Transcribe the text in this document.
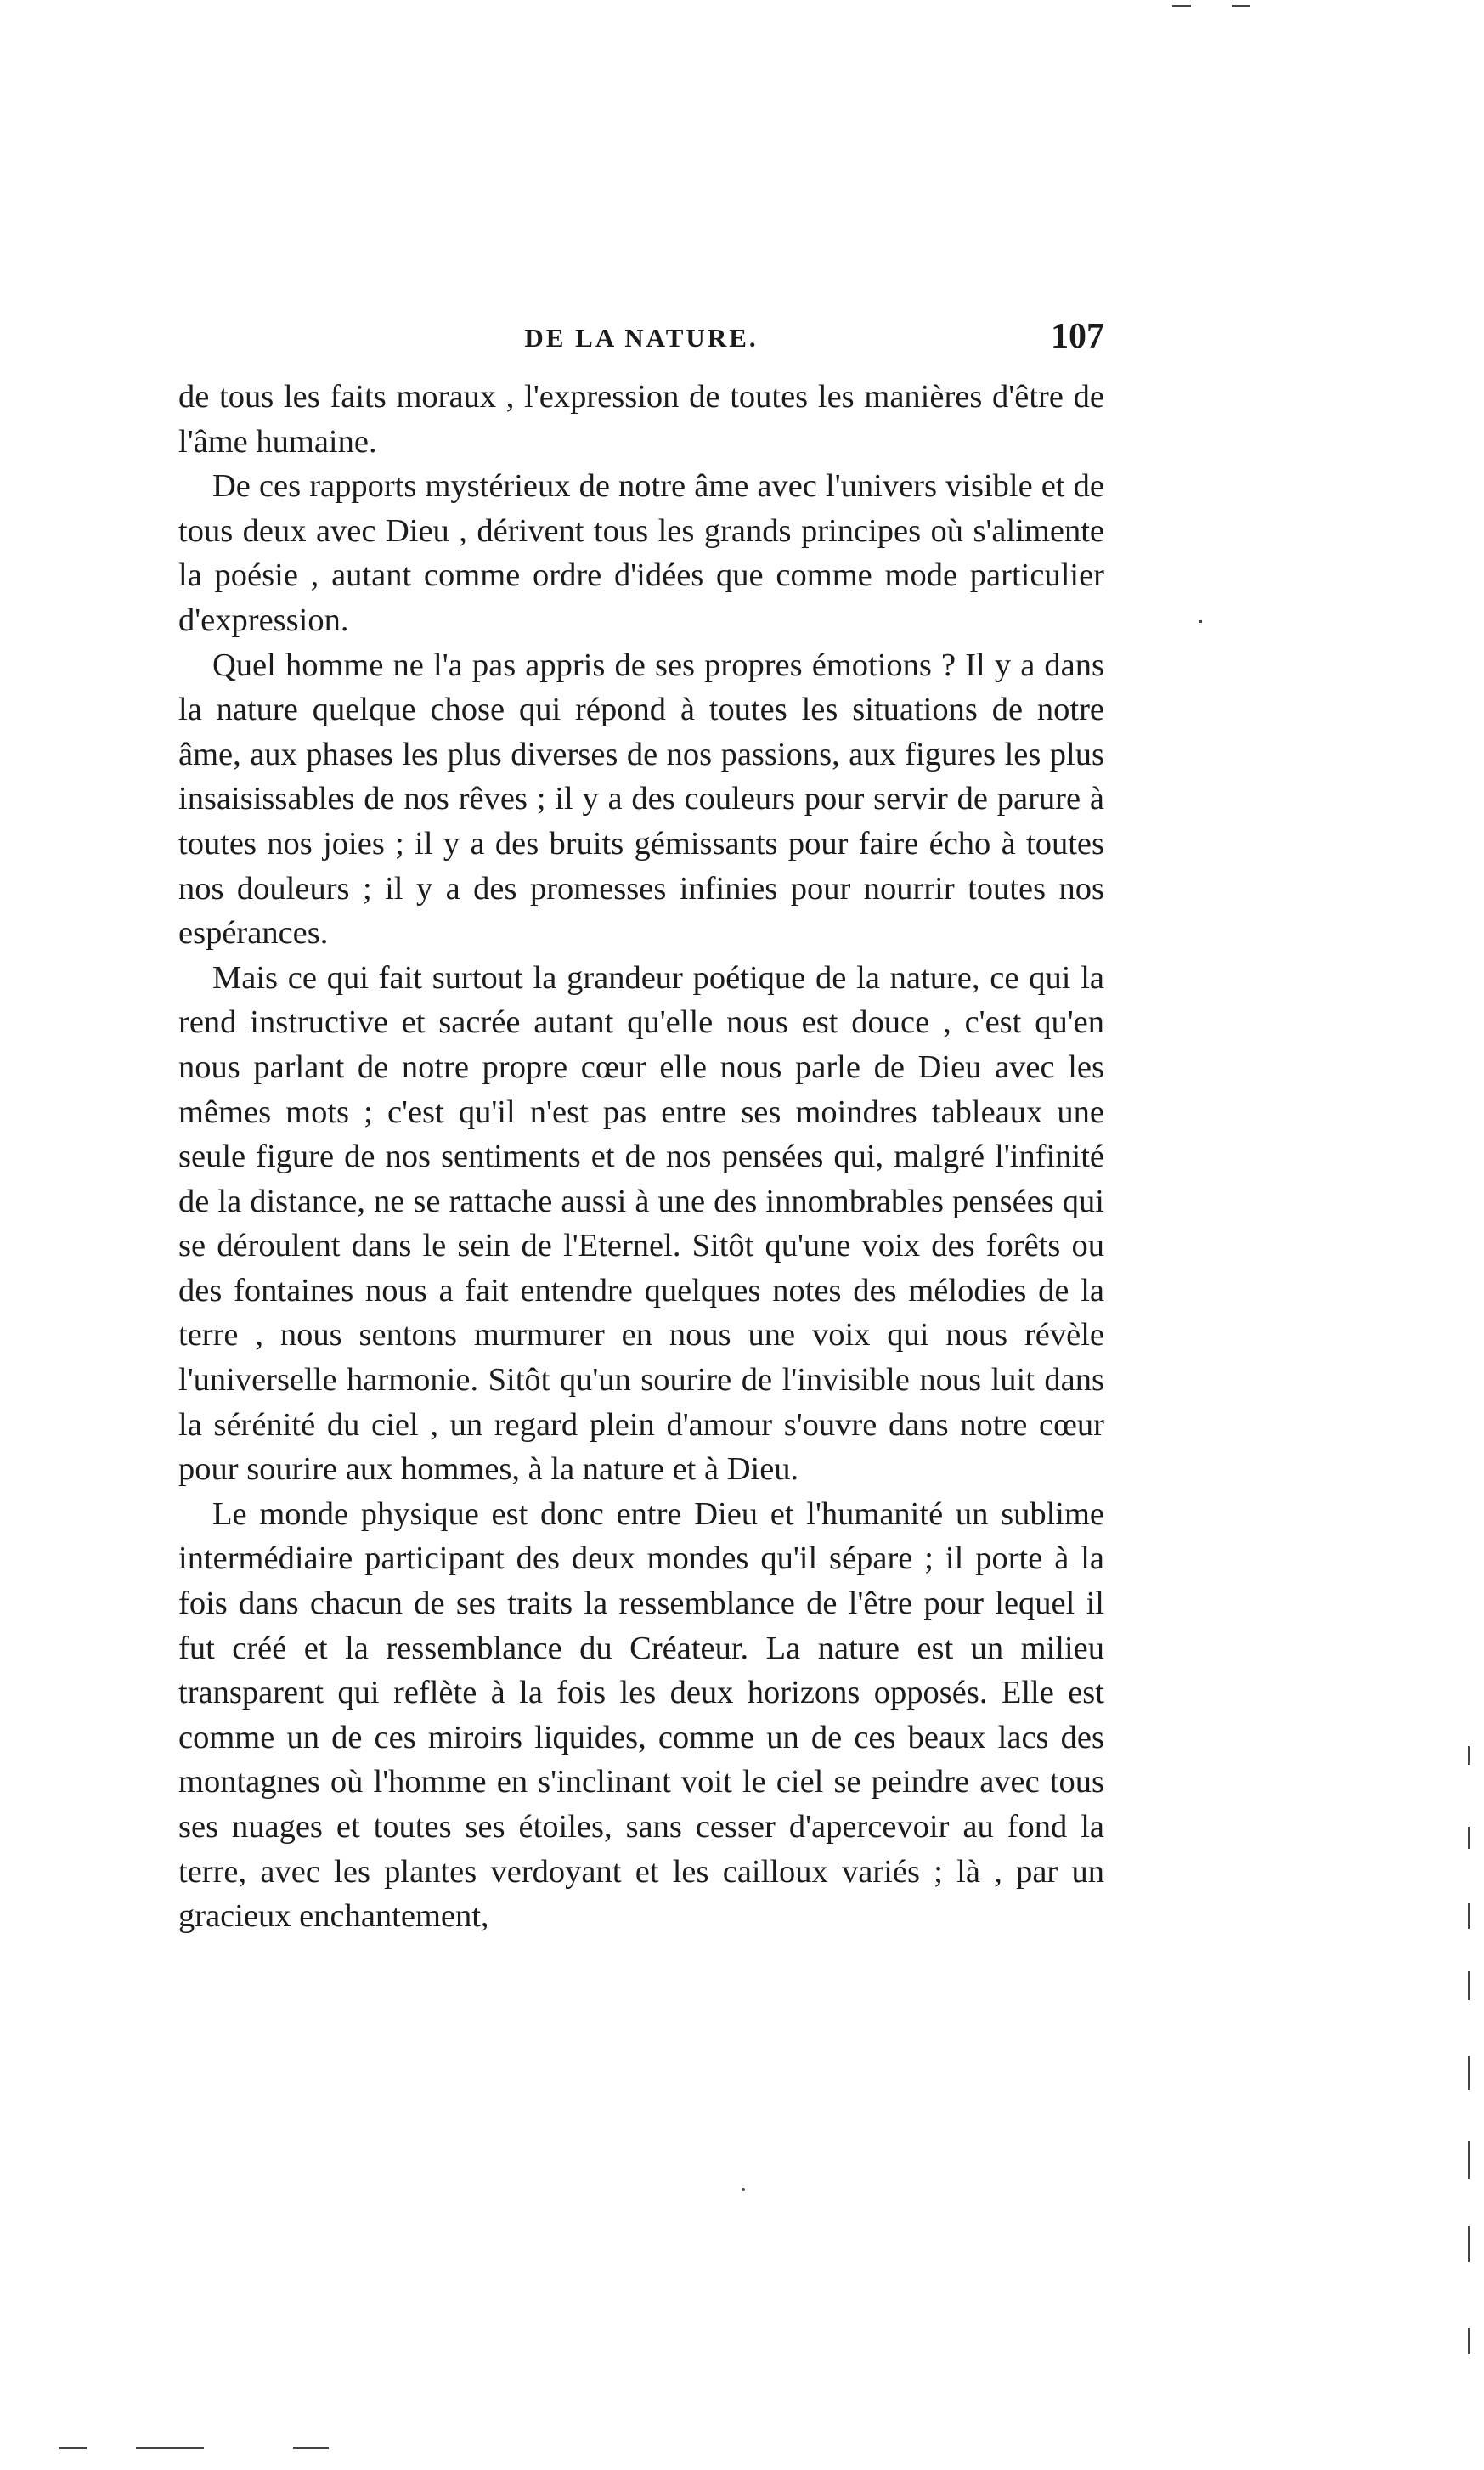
DE LA NATURE.	107

de tous les faits moraux , l'expression de toutes les manières d'être de l'âme humaine.

De ces rapports mystérieux de notre âme avec l'univers visible et de tous deux avec Dieu , dérivent tous les grands principes où s'alimente la poésie , autant comme ordre d'idées que comme mode particulier d'expression.

Quel homme ne l'a pas appris de ses propres émotions ? Il y a dans la nature quelque chose qui répond à toutes les situations de notre âme, aux phases les plus diverses de nos passions, aux figures les plus insaisissables de nos rêves ; il y a des couleurs pour servir de parure à toutes nos joies ; il y a des bruits gémissants pour faire écho à toutes nos douleurs ; il y a des promesses infinies pour nourrir toutes nos espérances.

Mais ce qui fait surtout la grandeur poétique de la nature, ce qui la rend instructive et sacrée autant qu'elle nous est douce , c'est qu'en nous parlant de notre propre cœur elle nous parle de Dieu avec les mêmes mots ; c'est qu'il n'est pas entre ses moindres tableaux une seule figure de nos sentiments et de nos pensées qui, malgré l'infinité de la distance, ne se rattache aussi à une des innombrables pensées qui se déroulent dans le sein de l'Eternel. Sitôt qu'une voix des forêts ou des fontaines nous a fait entendre quelques notes des mélodies de la terre , nous sentons murmurer en nous une voix qui nous révèle l'universelle harmonie. Sitôt qu'un sourire de l'invisible nous luit dans la sérénité du ciel , un regard plein d'amour s'ouvre dans notre cœur pour sourire aux hommes, à la nature et à Dieu.

Le monde physique est donc entre Dieu et l'humanité un sublime intermédiaire participant des deux mondes qu'il sépare ; il porte à la fois dans chacun de ses traits la ressemblance de l'être pour lequel il fut créé et la ressemblance du Créateur. La nature est un milieu transparent qui reflète à la fois les deux horizons opposés. Elle est comme un de ces miroirs liquides, comme un de ces beaux lacs des montagnes où l'homme en s'inclinant voit le ciel se peindre avec tous ses nuages et toutes ses étoiles, sans cesser d'apercevoir au fond la terre, avec les plantes verdoyant et les cailloux variés ; là , par un gracieux enchantement,
